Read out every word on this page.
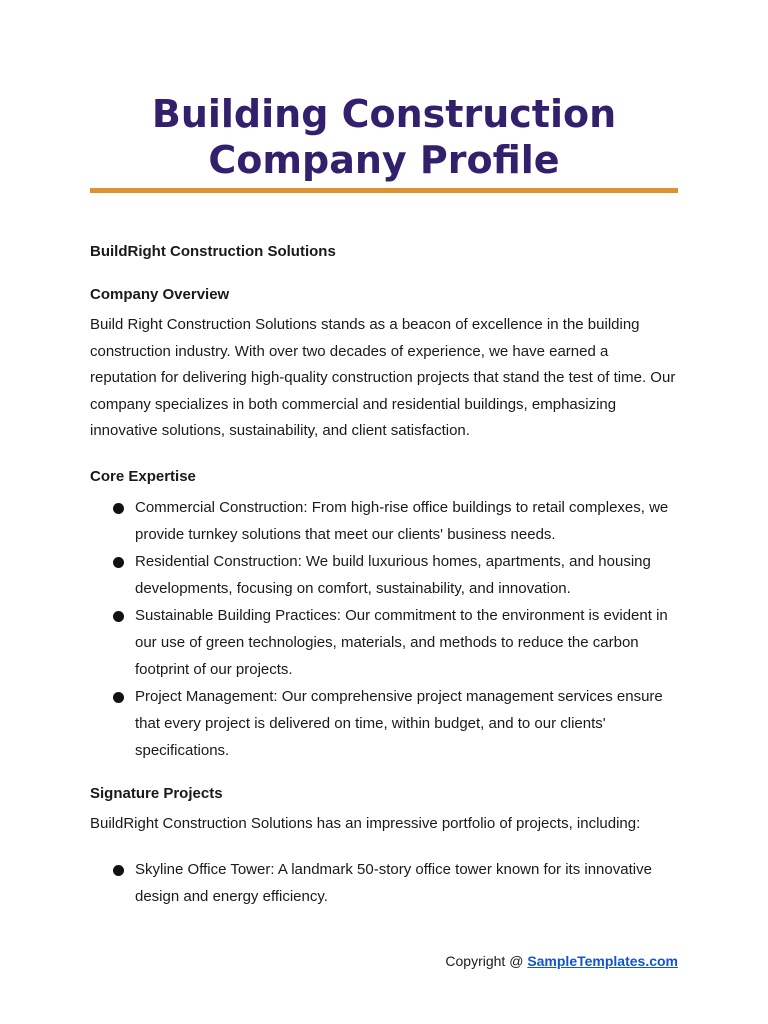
Building Construction
Company Profile

BuildRight Construction Solutions

Company Overview

Build Right Construction Solutions stands as a beacon of excellence in the building construction industry. With over two decades of experience, we have earned a reputation for delivering high-quality construction projects that stand the test of time. Our company specializes in both commercial and residential buildings, emphasizing innovative solutions, sustainability, and client satisfaction.

Core Expertise
Commercial Construction: From high-rise office buildings to retail complexes, we provide turnkey solutions that meet our clients' business needs.
Residential Construction: We build luxurious homes, apartments, and housing developments, focusing on comfort, sustainability, and innovation.
Sustainable Building Practices: Our commitment to the environment is evident in our use of green technologies, materials, and methods to reduce the carbon footprint of our projects.
Project Management: Our comprehensive project management services ensure that every project is delivered on time, within budget, and to our clients' specifications.
Signature Projects

BuildRight Construction Solutions has an impressive portfolio of projects, including:

Skyline Office Tower: A landmark 50-story office tower known for its innovative design and energy efficiency.
Copyright @ SampleTemplates.com
